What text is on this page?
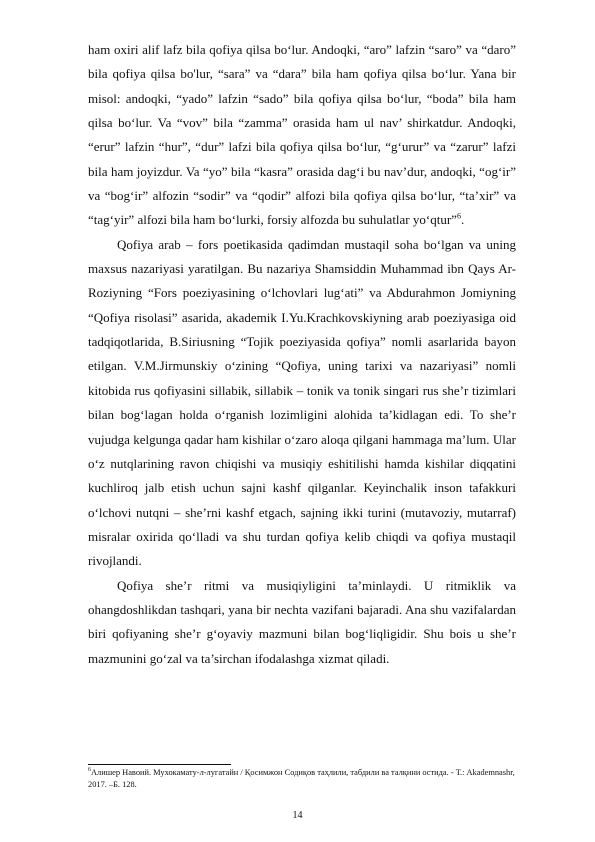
ham oxiri alif lafz bila qofiya qilsa boʻlur. Andoqki, “aro” lafzin “saro” va “daro” bila qofiya qilsa bo'lur, “sara” va “dara” bila ham qofiya qilsa boʻlur. Yana bir misol: andoqki, “yado” lafzin “sado” bila qofiya qilsa boʻlur, “boda” bila ham qilsa boʻlur. Va “vov” bila “zamma” orasida ham ul nav’ shirkatdur. Andoqki, “erur” lafzin “hur”, “dur” lafzi bila qofiya qilsa boʻlur, “gʻurur” va “zarur” lafzi bila ham joyizdur. Va “yo” bila “kasra” orasida dagʻi bu nav’dur, andoqki, “ogʻir” va “bogʻir” alfozin “sodir” va “qodir” alfozi bila qofiya qilsa boʻlur, “ta’xir” va “tagʻyir” alfozi bila ham boʻlurki, forsiy alfozda bu suhulatlar yoʻqtur”$^6$.

Qofiya arab – fors poetikasida qadimdan mustaqil soha boʻlgan va uning maxsus nazariyasi yaratilgan. Bu nazariya Shamsiddin Muhammad ibn Qays Ar-Roziyning “Fors poeziyasining oʻlchovlari lugʻati” va Abdurahmon Jomiyning “Qofiya risolasi” asarida, akademik I.Yu.Krachkovskiyning arab poeziyasiga oid tadqiqotlarida, B.Siriusning “Tojik poeziyasida qofiya” nomli asarlarida bayon etilgan. V.M.Jirmunskiy oʻzining “Qofiya, uning tarixi va nazariyasi” nomli kitobida rus qofiyasini sillabik, sillabik – tonik va tonik singari rus she’r tizimlari bilan bogʻlagan holda oʻrganish lozimligini alohida ta’kidlagan edi. To she’r vujudga kelgunga qadar ham kishilar oʻzaro aloqa qilgani hammaga ma’lum. Ular oʻz nutqlarining ravon chiqishi va musiqiy eshitilishi hamda kishilar diqqatini kuchliroq jalb etish uchun sajni kashf qilganlar. Keyinchalik inson tafakkuri oʻlchovi nutqni – she’rni kashf etgach, sajning ikki turini (mutavoziy, mutarraf) misralar oxirida qoʻlladi va shu turdan qofiya kelib chiqdi va qofiya mustaqil rivojlandi.

Qofiya she’r ritmi va musiqiyligini ta’minlaydi. U ritmiklik va ohangdoshlikdan tashqari, yana bir nechta vazifani bajaradi. Ana shu vazifalardan biri qofiyaning she’r gʻoyaviy mazmuni bilan bogʻliqligidir. Shu bois u she’r mazmunini goʻzal va ta’sirchan ifodalashga xizmat qiladi.

$^6$Алишер Навоий. Мухокамату-л-лугатайн / Қосимжон Содиқов таҳлили, табдили ва талқини остида. - Т.: Akademnashr, 2017. –Б. 128.
14
